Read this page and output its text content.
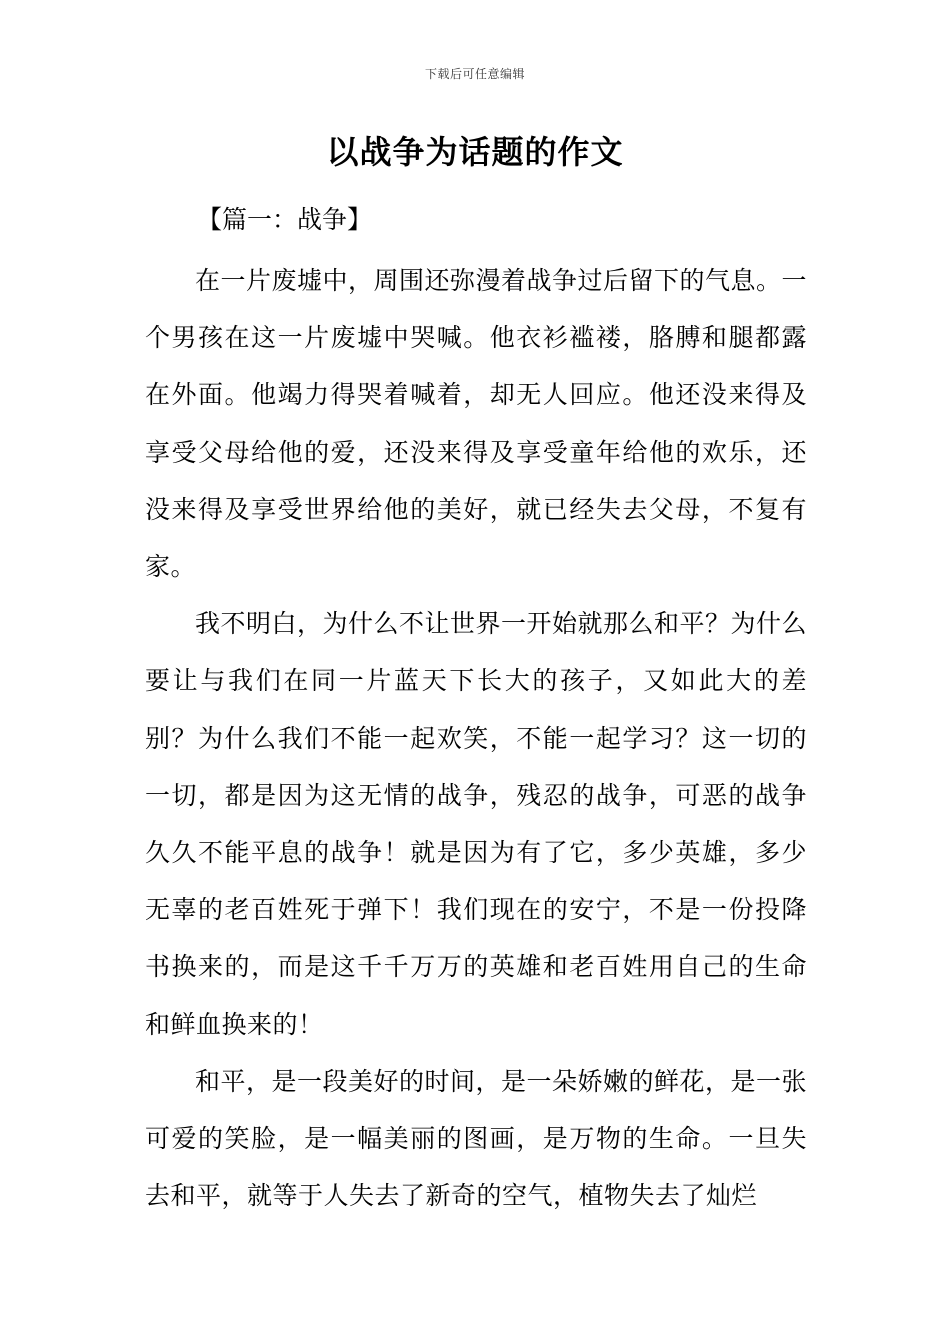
下载后可任意编辑
以战争为话题的作文
【篇一：战争】

在一片废墟中，周围还弥漫着战争过后留下的气息。一个男孩在这一片废墟中哭喊。他衣衫褴褛，胳膊和腿都露在外面。他竭力得哭着喊着，却无人回应。他还没来得及享受父母给他的爱，还没来得及享受童年给他的欢乐，还没来得及享受世界给他的美好，就已经失去父母，不复有家。

我不明白，为什么不让世界一开始就那么和平？为什么要让与我们在同一片蓝天下长大的孩子，又如此大的差别？为什么我们不能一起欢笑，不能一起学习？这一切的一切，都是因为这无情的战争，残忍的战争，可恶的战争久久不能平息的战争！就是因为有了它，多少英雄，多少无辜的老百姓死于弹下！我们现在的安宁，不是一份投降书换来的，而是这千千万万的英雄和老百姓用自己的生命和鲜血换来的！

和平，是一段美好的时间，是一朵娇嫩的鲜花，是一张可爱的笑脸，是一幅美丽的图画，是万物的生命。一旦失去和平，就等于人失去了新奇的空气，植物失去了灿烂
